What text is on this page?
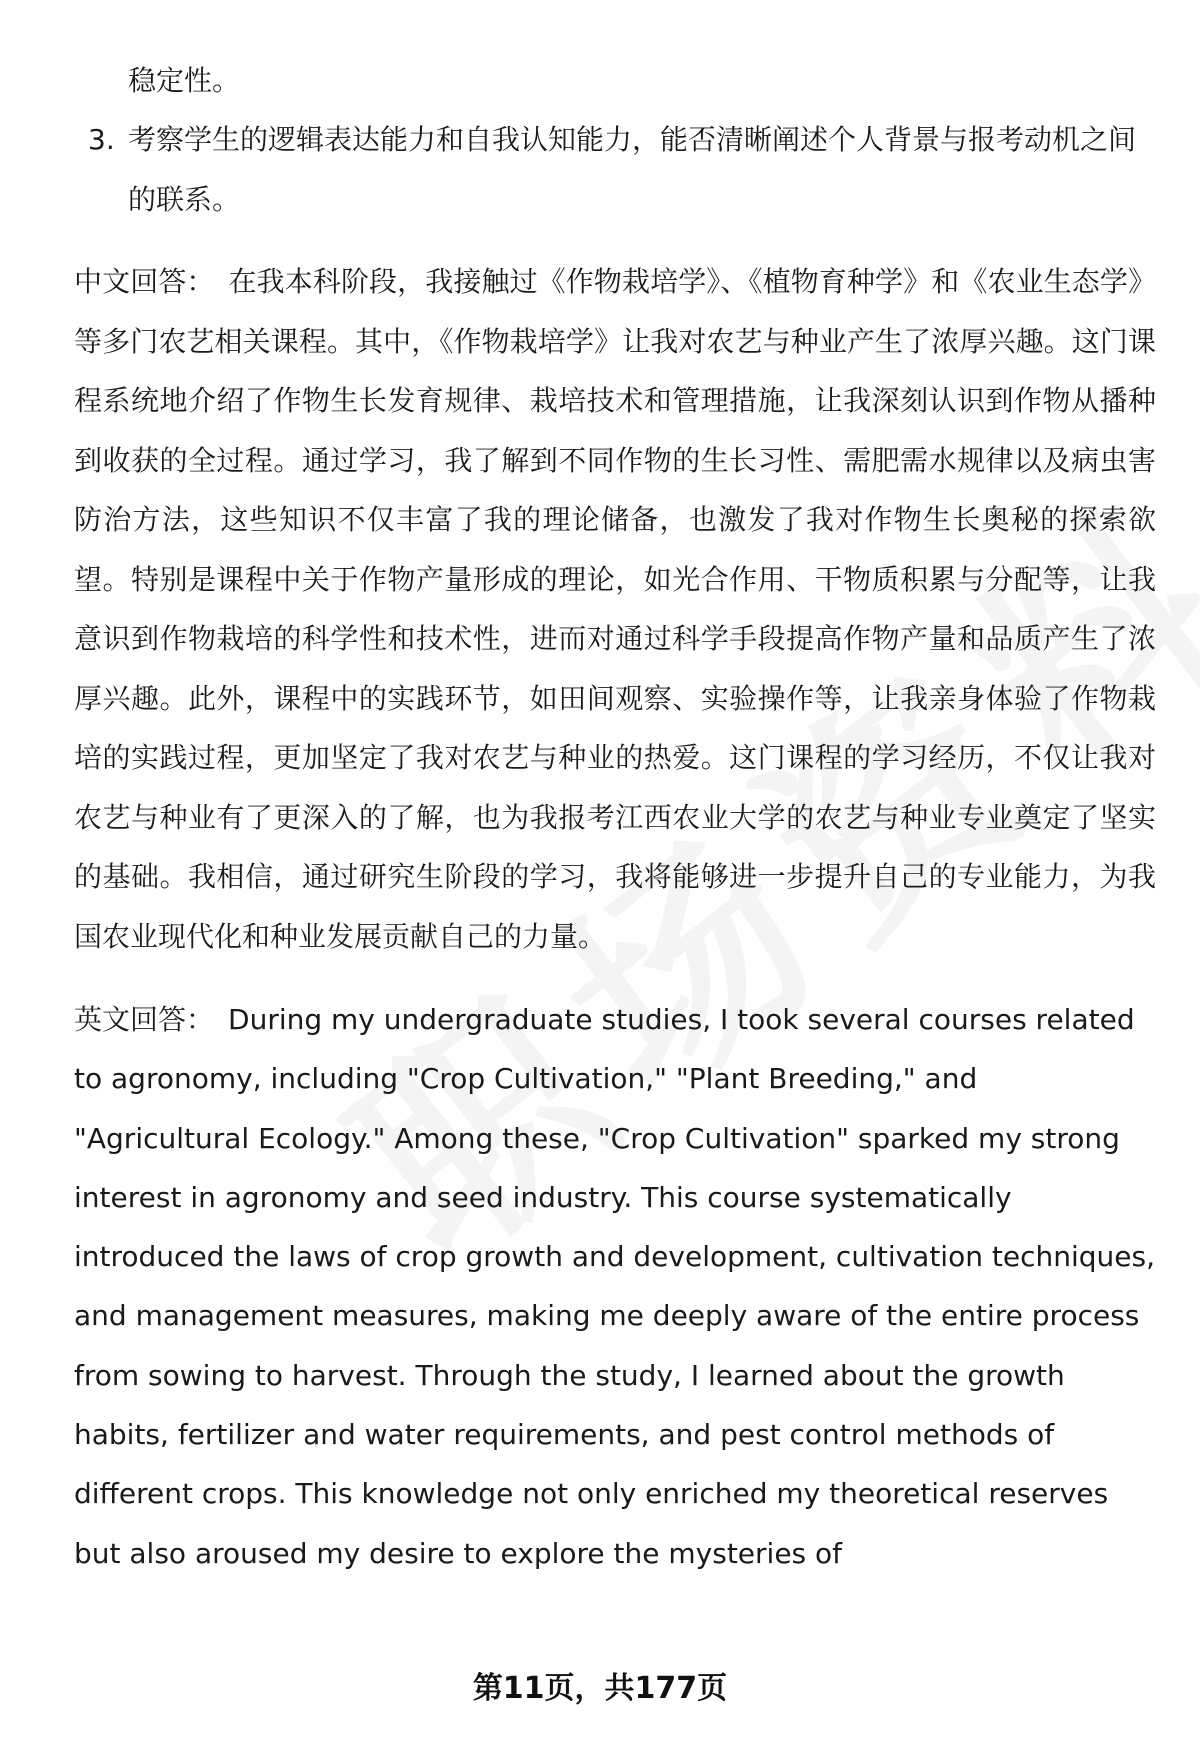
稳定性。

3. 考察学生的逻辑表达能力和自我认知能力，能否清晰阐述个人背景与报考动机之间的联系。

中文回答： 在我本科阶段，我接触过《作物栽培学》、《植物育种学》和《农业生态学》等多门农艺相关课程。其中，《作物栽培学》让我对农艺与种业产生了浓厚兴趣。这门课程系统地介绍了作物生长发育规律、栽培技术和管理措施，让我深刻认识到作物从播种到收获的全过程。通过学习，我了解到不同作物的生长习性、需肥需水规律以及病虫害防治方法，这些知识不仅丰富了我的理论储备，也激发了我对作物生长奥秘的探索欲望。特别是课程中关于作物产量形成的理论，如光合作用、干物质积累与分配等，让我意识到作物栽培的科学性和技术性，进而对通过科学手段提高作物产量和品质产生了浓厚兴趣。此外，课程中的实践环节，如田间观察、实验操作等，让我亲身体验了作物栽培的实践过程，更加坚定了我对农艺与种业的热爱。这门课程的学习经历，不仅让我对农艺与种业有了更深入的了解，也为我报考江西农业大学的农艺与种业专业奠定了坚实的基础。我相信，通过研究生阶段的学习，我将能够进一步提升自己的专业能力，为我国农业现代化和种业发展贡献自己的力量。

英文回答： During my undergraduate studies, I took several courses related to agronomy, including "Crop Cultivation," "Plant Breeding," and "Agricultural Ecology." Among these, "Crop Cultivation" sparked my strong interest in agronomy and seed industry. This course systematically introduced the laws of crop growth and development, cultivation techniques, and management measures, making me deeply aware of the entire process from sowing to harvest. Through the study, I learned about the growth habits, fertilizer and water requirements, and pest control methods of different crops. This knowledge not only enriched my theoretical reserves but also aroused my desire to explore the mysteries of

第11页，共177页
